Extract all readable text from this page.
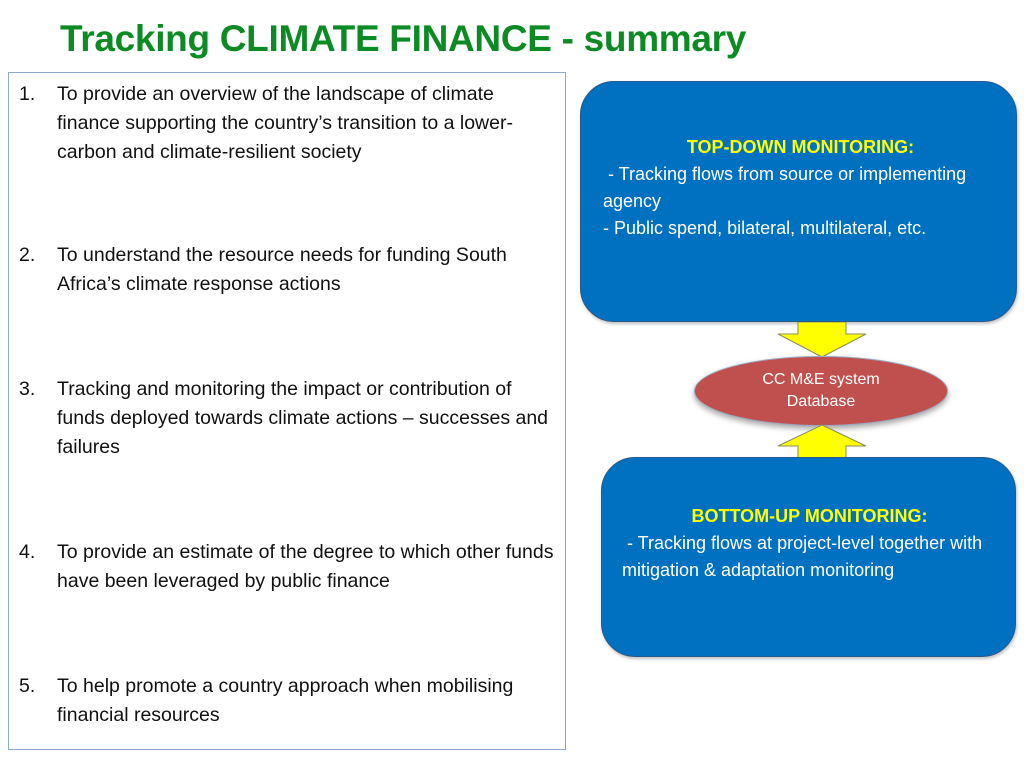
Tracking CLIMATE FINANCE - summary
1. To provide an overview of the landscape of climate finance supporting the country’s transition to a lower-carbon and climate-resilient society
2. To understand the resource needs for funding South Africa’s climate response actions
3. Tracking and monitoring the impact or contribution of funds deployed towards climate actions – successes and failures
4. To provide an estimate of the degree to which other funds have been leveraged by public finance
5. To help promote a country approach when mobilising financial resources
TOP-DOWN MONITORING:
- Tracking flows from source or implementing agency
- Public spend, bilateral, multilateral, etc.
CC M&E system
Database
BOTTOM-UP MONITORING:
- Tracking flows at project-level together with mitigation & adaptation monitoring
